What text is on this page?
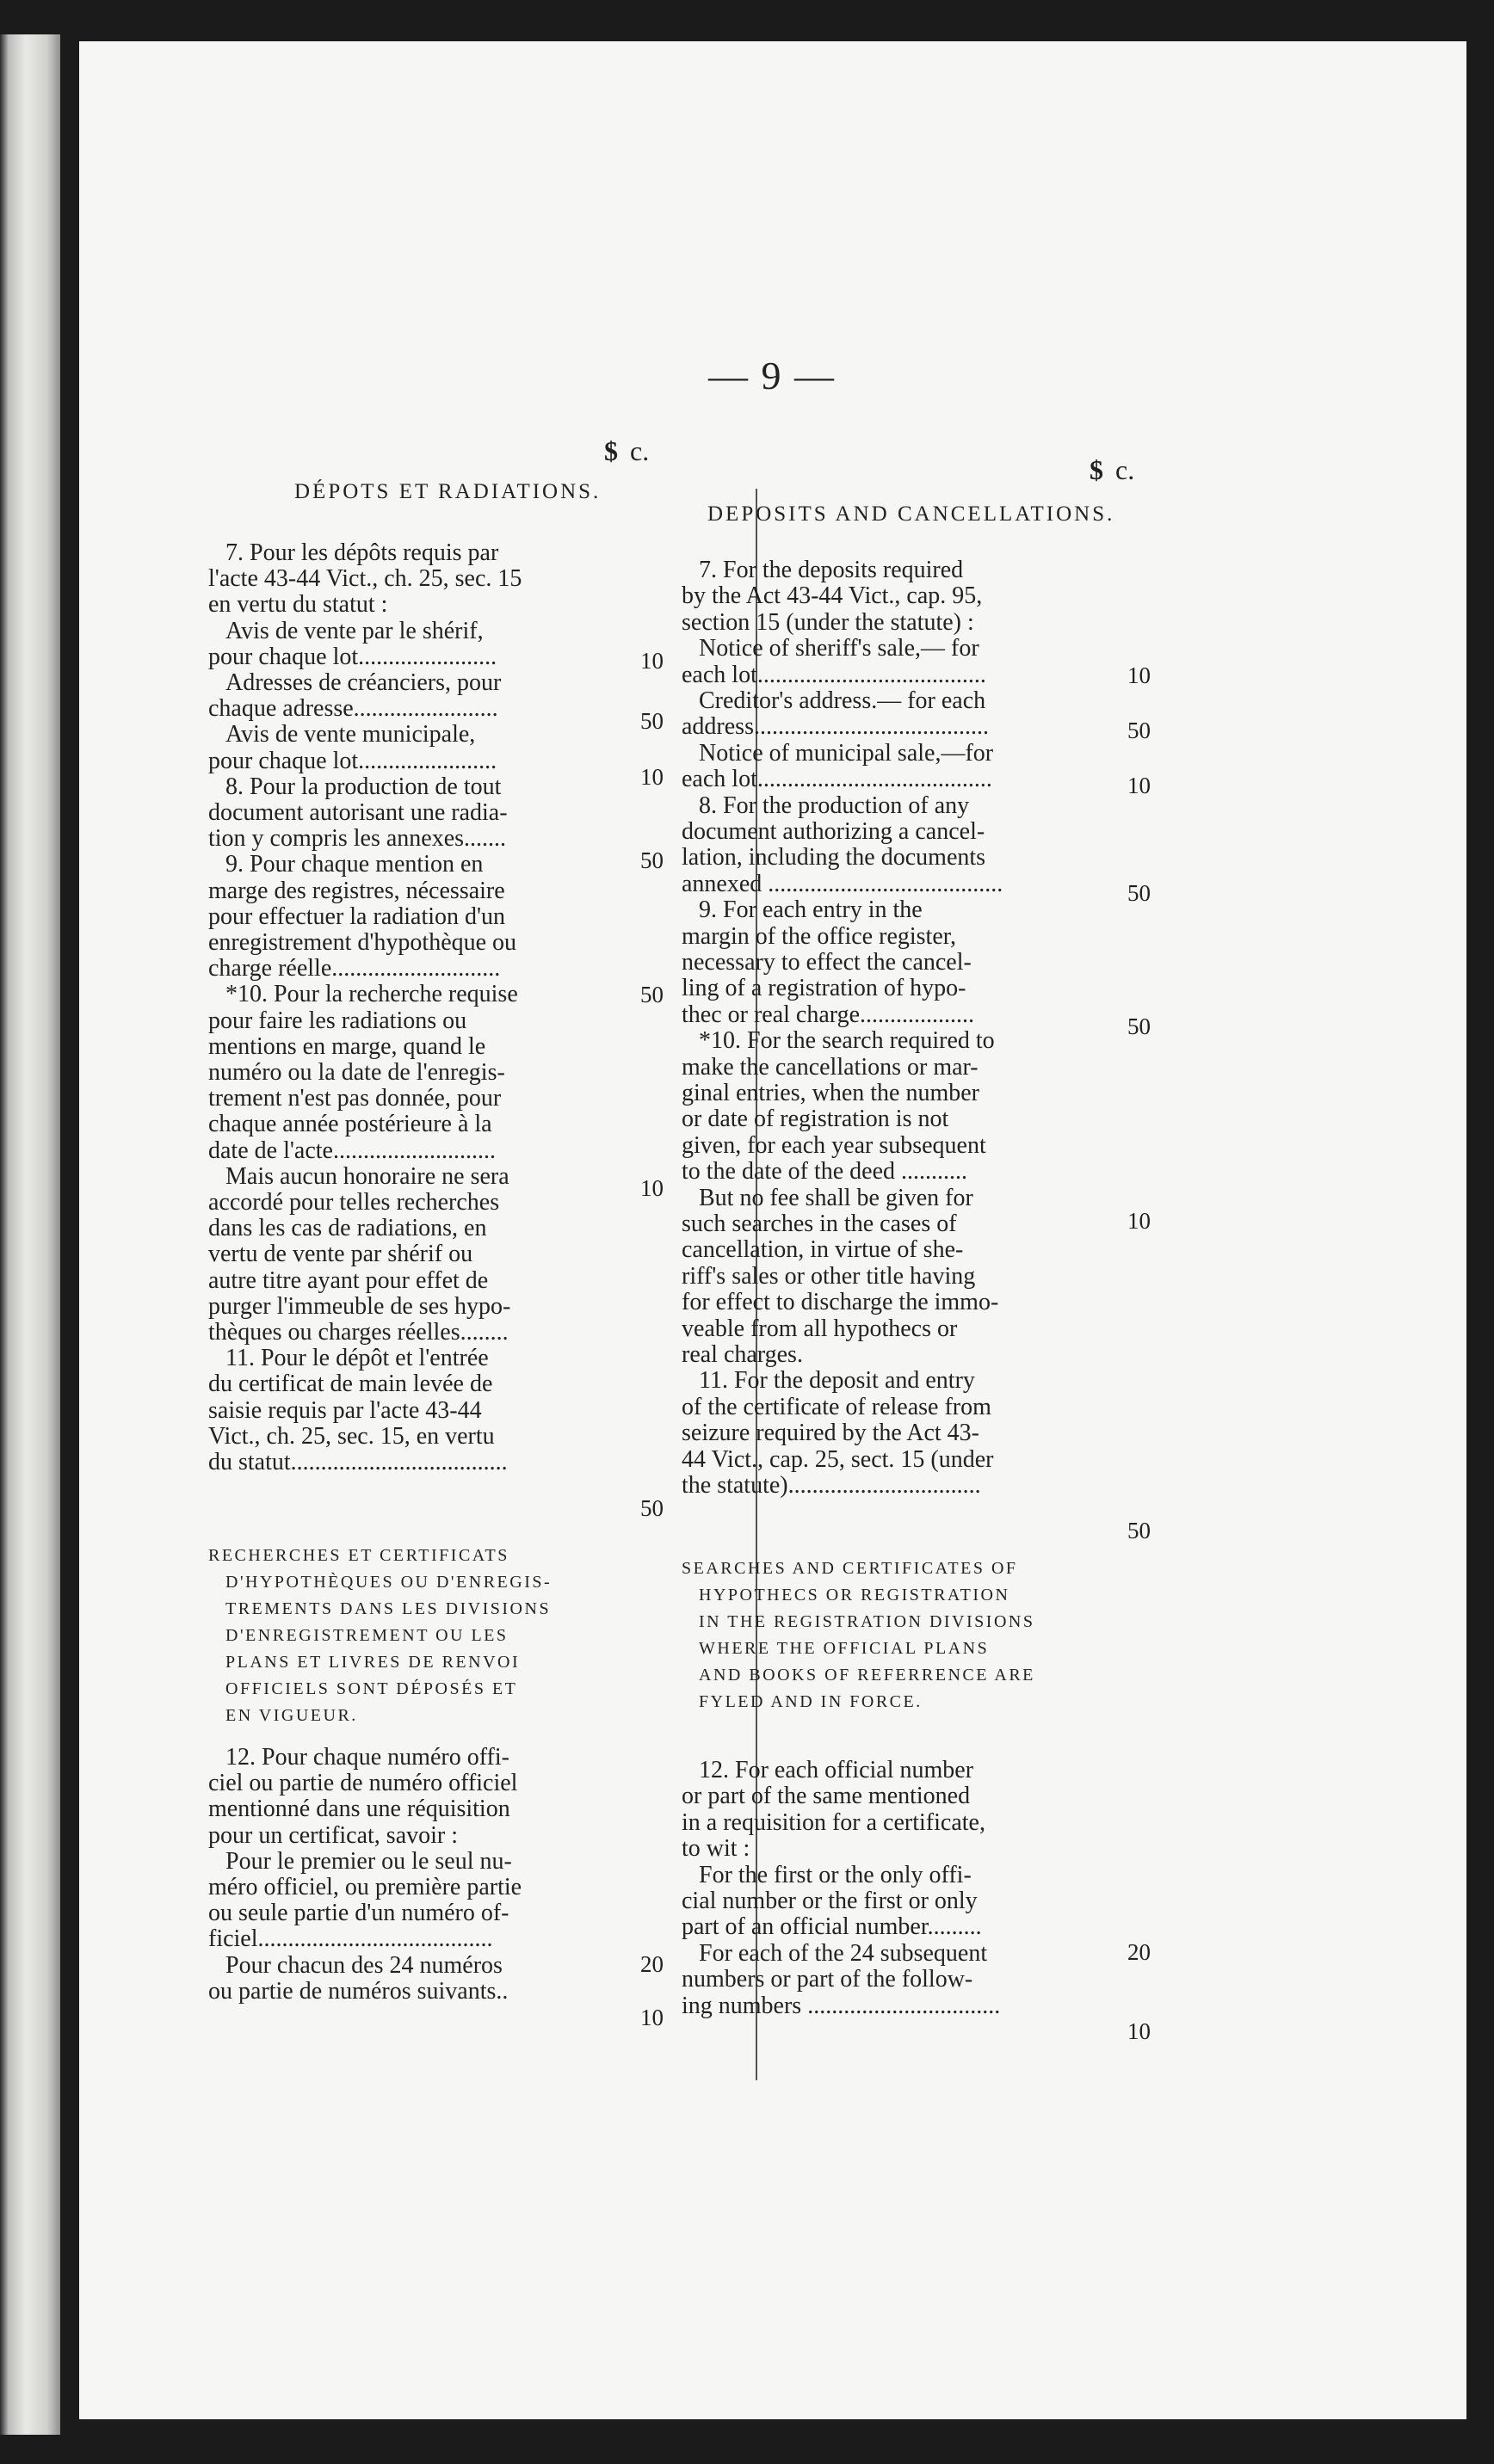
— 9 —
$ c.
$ c.
DÉPOTS ET RADIATIONS.
DEPOSITS AND CANCELLATIONS.
7. Pour les dépôts requis par
l'acte 43-44 Vict., ch. 25, sec. 15
en vertu du statut :
Avis de vente par le shérif,
pour chaque lot.......................
Adresses de créanciers, pour
chaque adresse........................
Avis de vente municipale,
pour chaque lot.......................
8. Pour la production de tout
document autorisant une radia-
tion y compris les annexes.......
9. Pour chaque mention en
marge des registres, nécessaire
pour effectuer la radiation d'un
enregistrement d'hypothèque ou
charge réelle............................
*10. Pour la recherche requise
pour faire les radiations ou
mentions en marge, quand le
numéro ou la date de l'enregis-
trement n'est pas donnée, pour
chaque année postérieure à la
date de l'acte...........................
Mais aucun honoraire ne sera
accordé pour telles recherches
dans les cas de radiations, en
vertu de vente par shérif ou
autre titre ayant pour effet de
purger l'immeuble de ses hypo-
thèques ou charges réelles........
11. Pour le dépôt et l'entrée
du certificat de main levée de
saisie requis par l'acte 43-44
Vict., ch. 25, sec. 15, en vertu
du statut....................................
10
50
10
50
50
10
50
RECHERCHES ET CERTIFICATS
D'HYPOTHÈQUES OU D'ENREGIS-
TREMENTS DANS LES DIVISIONS
D'ENREGISTREMENT OU LES
PLANS ET LIVRES DE RENVOI
OFFICIELS SONT DÉPOSÉS ET
EN VIGUEUR.
12. Pour chaque numéro offi-
ciel ou partie de numéro officiel
mentionné dans une réquisition
pour un certificat, savoir :
Pour le premier ou le seul nu-
méro officiel, ou première partie
ou seule partie d'un numéro of-
ficiel.......................................
Pour chacun des 24 numéros
ou partie de numéros suivants..
20
10
7. For the deposits required
by the Act 43-44 Vict., cap. 95,
section 15 (under the statute) :
Notice of sheriff's sale,— for
each lot......................................
Creditor's address.— for each
address.......................................
Notice of municipal sale,—for
each lot.......................................
8. For the production of any
document authorizing a cancel-
lation, including the documents
annexed .......................................
9. For each entry in the
margin of the office register,
necessary to effect the cancel-
ling of a registration of hypo-
thec or real charge...................
*10. For the search required to
make the cancellations or mar-
ginal entries, when the number
or date of registration is not
given, for each year subsequent
to the date of the deed ...........
But no fee shall be given for
such searches in the cases of
cancellation, in virtue of she-
riff's sales or other title having
for effect to discharge the immo-
veable from all hypothecs or
real charges.
11. For the deposit and entry
of the certificate of release from
seizure required by the Act 43-
44 Vict., cap. 25, sect. 15 (under
the statute)................................
10
50
10
50
50
10
50
SEARCHES AND CERTIFICATES OF
HYPOTHECS OR REGISTRATION
IN THE REGISTRATION DIVISIONS
WHERE THE OFFICIAL PLANS
AND BOOKS OF REFERRENCE ARE
FYLED AND IN FORCE.
12. For each official number
or part of the same mentioned
in a requisition for a certificate,
to wit :
For the first or the only offi-
cial number or the first or only
part of an official number.........
For each of the 24 subsequent
numbers or part of the follow-
ing numbers ................................
20
10
